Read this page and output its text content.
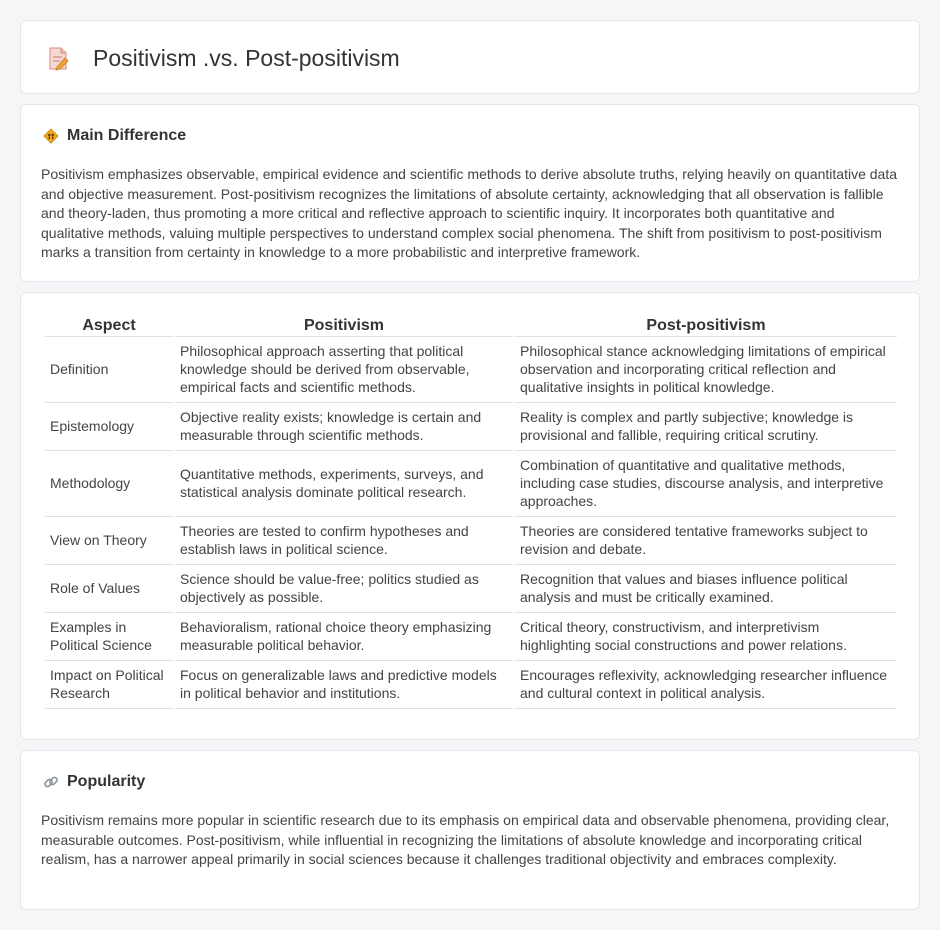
Positivism .vs. Post-positivism
Main Difference

Positivism emphasizes observable, empirical evidence and scientific methods to derive absolute truths, relying heavily on quantitative data and objective measurement. Post-positivism recognizes the limitations of absolute certainty, acknowledging that all observation is fallible and theory-laden, thus promoting a more critical and reflective approach to scientific inquiry. It incorporates both quantitative and qualitative methods, valuing multiple perspectives to understand complex social phenomena. The shift from positivism to post-positivism marks a transition from certainty in knowledge to a more probabilistic and interpretive framework.

Aspect	Positivism	Post-positivism
Definition	Philosophical approach asserting that political knowledge should be derived from observable, empirical facts and scientific methods.	Philosophical stance acknowledging limitations of empirical observation and incorporating critical reflection and qualitative insights in political knowledge.
Epistemology	Objective reality exists; knowledge is certain and measurable through scientific methods.	Reality is complex and partly subjective; knowledge is provisional and fallible, requiring critical scrutiny.
Methodology	Quantitative methods, experiments, surveys, and statistical analysis dominate political research.	Combination of quantitative and qualitative methods, including case studies, discourse analysis, and interpretive approaches.
View on Theory	Theories are tested to confirm hypotheses and establish laws in political science.	Theories are considered tentative frameworks subject to revision and debate.
Role of Values	Science should be value-free; politics studied as objectively as possible.	Recognition that values and biases influence political analysis and must be critically examined.
Examples in Political Science	Behavioralism, rational choice theory emphasizing measurable political behavior.	Critical theory, constructivism, and interpretivism highlighting social constructions and power relations.
Impact on Political Research	Focus on generalizable laws and predictive models in political behavior and institutions.	Encourages reflexivity, acknowledging researcher influence and cultural context in political analysis.
Popularity

Positivism remains more popular in scientific research due to its emphasis on empirical data and observable phenomena, providing clear, measurable outcomes. Post-positivism, while influential in recognizing the limitations of absolute knowledge and incorporating critical realism, has a narrower appeal primarily in social sciences because it challenges traditional objectivity and embraces complexity.
